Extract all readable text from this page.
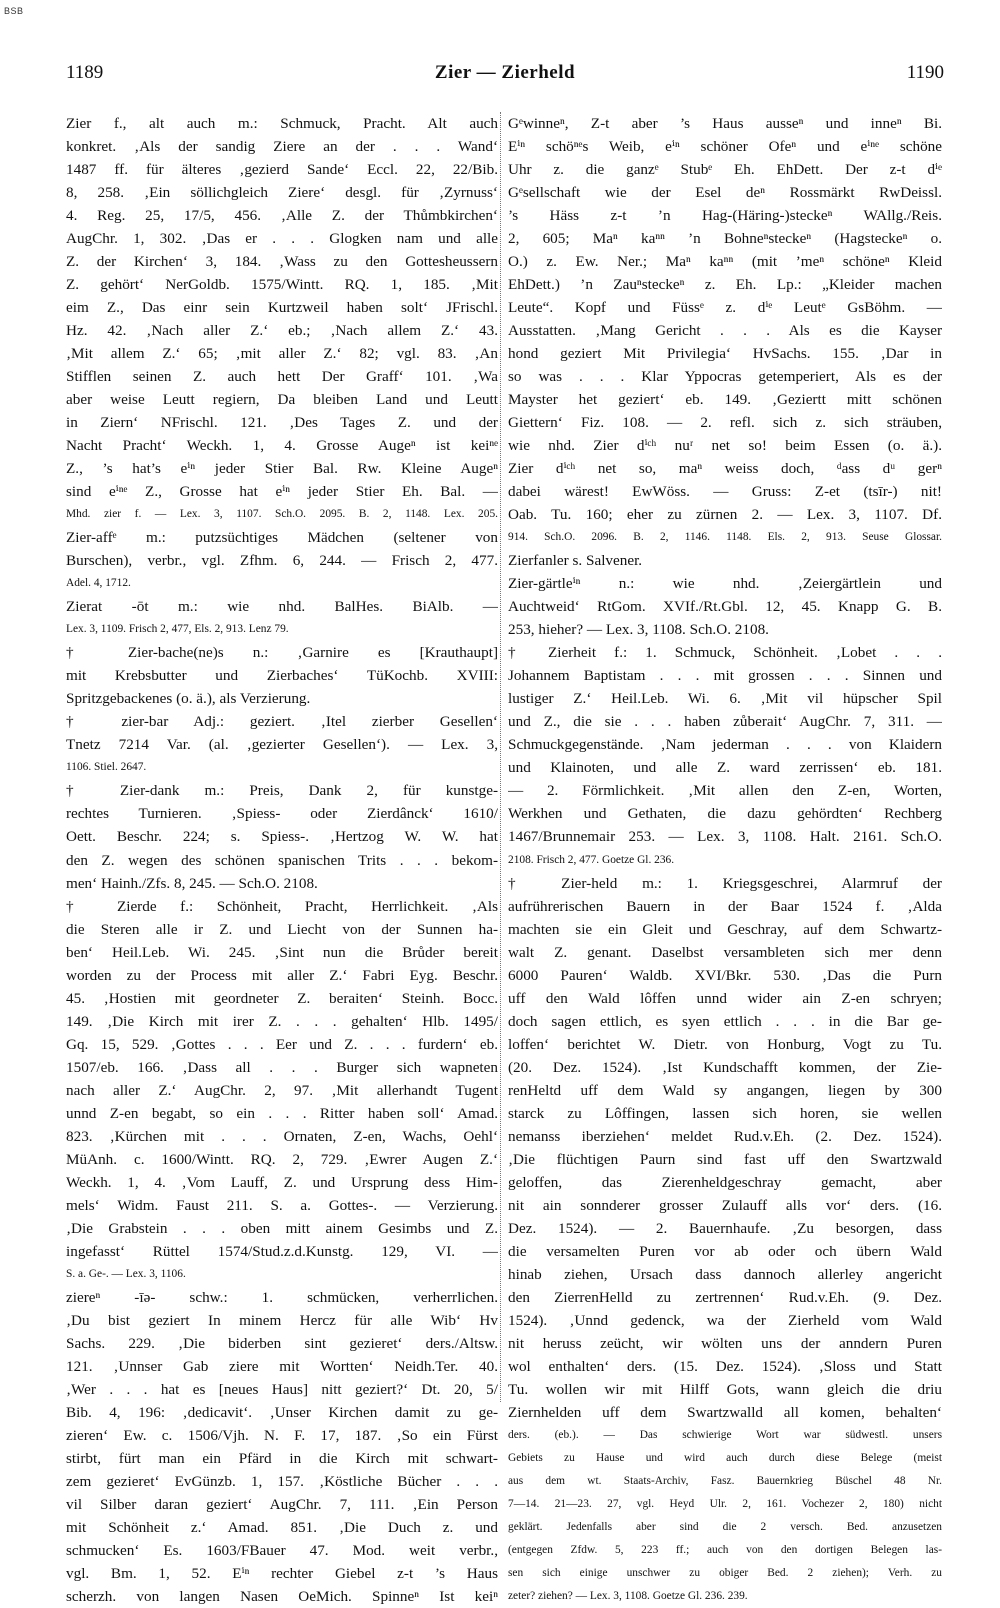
BSB
1189	Zier — Zierheld	1190
Zier f., alt auch m.: Schmuck, Pracht. Alt auch
konkret. ‚Als der sandig Ziere an der . . . Wand‘
1487 ff. für älteres ‚gezierd Sande‘ Eccl. 22, 22/Bib.
8, 258. ‚Ein söllichgleich Ziere‘ desgl. für ‚Zyrnuss‘
4. Reg. 25, 17/5, 456. ‚Alle Z. der Thůmbkirchen‘
AugChr. 1, 302. ‚Das er . . . Glogken nam und alle
Z. der Kirchen‘ 3, 184. ‚Wass zu den Gotteshеussern
Z. gehört‘ NerGoldb. 1575/Wintt. RQ. 1, 185. ‚Mit
eim Z., Das einr sein Kurtzweil haben solt‘ JFrischl.
Hz. 42. ‚Nach aller Z.‘ eb.; ‚Nach allem Z.‘ 43.
‚Mit allem Z.‘ 65; ‚mit aller Z.‘ 82; vgl. 83. ‚An
Stifflen seinen Z. auch hett Der Graff‘ 101. ‚Wa
aber weise Leutt regiern, Da bleiben Land und Leutt
in Ziern‘ NFrischl. 121. ‚Des Tages Z. und der
Nacht Pracht‘ Weckh. 1, 4. Grosse Augeⁿ ist keiⁿᵉ
Z., ’s hat’s eⁱⁿ jeder Stier Bal. Rw. Kleine Augeⁿ
sind eⁱⁿᵉ Z., Grosse hat eⁱⁿ jeder Stier Eh. Bal. —
Mhd. zier f. — Lex. 3, 1107. Sch.O. 2095. B. 2, 1148. Lex. 205.
Zier-affᵉ m.: putzsüchtiges Mädchen (seltener von
Burschen), verbr., vgl. Zfhm. 6, 244. — Frisch 2, 477.
Adel. 4, 1712.
Zierat -ōt m.: wie nhd. BalHes. BiAlb. —
Lex. 3, 1109. Frisch 2, 477, Els. 2, 913. Lenz 79.
† Zier-bache(ne)s n.: ‚Garnire es [Krauthaupt]
mit Krebsbutter und Zierbaches‘ TüKochb. XVIII:
Spritzgebackenes (o. ä.), als Verzierung.
† zier-bar Adj.: geziert. ‚Itel zierber Gesellen‘
Tnetz 7214 Var. (al. ‚gezierter Gesellen‘). — Lex. 3,
1106. Stiel. 2647.
† Zier-dank m.: Preis, Dank 2, für kunstge-
rechtes Turnieren. ‚Spiess- oder Zierdânck‘ 1610/
Oett. Beschr. 224; s. Spiess-. ‚Hertzog W. W. hat
den Z. wegen des schönen spanischen Trits . . . bekom-
men‘ Hainh./Zfs. 8, 245. — Sch.O. 2108.
† Zierde f.: Schönheit, Pracht, Herrlichkeit. ‚Als
die Steren alle ir Z. und Liecht von der Sunnen ha-
ben‘ Heil.Leb. Wi. 245. ‚Sint nun die Brůder bereit
worden zu der Process mit aller Z.‘ Fabri Eyg. Beschr.
45. ‚Hostien mit geordneter Z. beraiten‘ Steinh. Bocc.
149. ‚Die Kirch mit irer Z. . . . gehalten‘ Hlb. 1495/
Gq. 15, 529. ‚Gottes . . . Eer und Z. . . . furdern‘ eb.
1507/eb. 166. ‚Dass all . . . Burger sich wapneten
nach aller Z.‘ AugChr. 2, 97. ‚Mit allerhandt Tugent
unnd Z-en begabt, so ein . . . Ritter haben soll‘ Amad.
823. ‚Kürchen mit . . . Ornaten, Z-en, Wachs, Oehl‘
MüAnh. c. 1600/Wintt. RQ. 2, 729. ‚Ewrer Augen Z.‘
Weckh. 1, 4. ‚Vom Lauff, Z. und Ursprung dess Him-
mels‘ Widm. Faust 211. S. a. Gottes-. — Verzierung.
‚Die Grabstein . . . oben mitt ainem Gesimbs und Z.
ingefasst‘ Rüttel 1574/Stud.z.d.Kunstg. 129, VI. —
S. a. Ge-. — Lex. 3, 1106.
ziereⁿ -īə- schw.: 1. schmücken, verherrlichen.
‚Du bist geziert In minem Hercz für alle Wib‘ Hv
Sachs. 229. ‚Die biderben sint gezieret‘ ders./Altsw.
121. ‚Unnser Gab ziere mit Wortten‘ Neidh.Ter. 40.
‚Wer . . . hat es [neues Haus] nitt geziert?‘ Dt. 20, 5/
Bib. 4, 196: ‚dedicavit‘. ‚Unser Kirchen damit zu ge-
zieren‘ Ew. c. 1506/Vjh. N. F. 17, 187. ‚So ein Fürst
stirbt, fürt man ein Pfärd in die Kirch mit schwart-
zem gezieret‘ EvGünzb. 1, 157. ‚Köstliche Bücher . . .
vil Silber daran geziert‘ AugChr. 7, 111. ‚Ein Person
mit Schönheit z.‘ Amad. 851. ‚Die Duch z. und
schmucken‘ Es. 1603/FBauer 47. Mod. weit verbr.,
vgl. Bm. 1, 52. Eⁱⁿ rechter Giebel z-t ’s Haus
scherzh. von langen Nasen OeMich. Spinneⁿ Ist keiⁿ
Gᵉwinneⁿ, Z-t aber ’s Haus ausseⁿ und inneⁿ Bi.
Eⁱⁿ schöⁿᵉs Weib, eⁱⁿ schöner Ofeⁿ und eⁱⁿᵉ schöne
Uhr z. die ganzᵉ Stubᵉ Eh. EhDett. Der z-t dⁱᵉ
Gᵉsellschaft wie der Esel deⁿ Rossmärkt RwDeissl.
’s Häss z-t ’n Hag-(Häring-)steckeⁿ WAllg./Reis.
2, 605; Maⁿ kaⁿⁿ ’n Bohneⁿsteckeⁿ (Hagsteckeⁿ o.
O.) z. Ew. Ner.; Maⁿ kaⁿⁿ (mit ’meⁿ schöneⁿ Kleid
EhDett.) ’n Zauⁿsteckeⁿ z. Eh. Lp.: „Kleider machen
Leute“. Kopf und Füssᵉ z. dⁱᵉ Leutᵉ GsBöhm. —
Ausstatten. ‚Mang Gericht . . . Als es die Kayser
hond geziert Mit Privilegia‘ HvSachs. 155. ‚Dar in
so was . . . Klar Yppocras getemperiert, Als es der
Mayster het geziert‘ eb. 149. ‚Geziertt mitt schönen
Giettern‘ Fiz. 108. — 2. refl. sich z. sich sträuben,
wie nhd. Zier dⁱᶜʰ nuʳ net so! beim Essen (o. ä.).
Zier dⁱᶜʰ net so, maⁿ weiss doch, ᵈass dᵘ gerⁿ
dabei wärest! EwWöss. — Gruss: Z-et (tsīr-) nit!
Oab. Tu. 160; eher zu zürnen 2. — Lex. 3, 1107. Df.
914. Sch.O. 2096. B. 2, 1146. 1148. Els. 2, 913. Seuse Glossar.
Zierfanler s. Salvener.
Zier-gärtleⁱⁿ n.: wie nhd. ‚Zeiergärtlein und
Auchtweid‘ RtGom. XVIf./Rt.Gbl. 12, 45. Knapp G. B.
253, hieher? — Lex. 3, 1108. Sch.O. 2108.
† Zierheit f.: 1. Schmuck, Schönheit. ‚Lobet . . .
Johannem Baptistam . . . mit grossen . . . Sinnen und
lustiger Z.‘ Heil.Leb. Wi. 6. ‚Mit vil hüpscher Spil
und Z., die sie . . . haben zůberait‘ AugChr. 7, 311. —
Schmuckgegenstände. ‚Nam jederman . . . von Klaidern
und Klainoten, und alle Z. ward zerrissen‘ eb. 181.
— 2. Förmlichkeit. ‚Mit allen den Z-en, Worten,
Werkhen und Gethaten, die dazu gehördten‘ Rechberg
1467/Brunnemair 253. — Lex. 3, 1108. Halt. 2161. Sch.O.
2108. Frisch 2, 477. Goetze Gl. 236.
† Zier-held m.: 1. Kriegsgeschrei, Alarmruf der
aufrührerischen Bauern in der Baar 1524 f. ‚Alda
machten sie ein Gleit und Geschray, auf dem Schwartz-
walt Z. genant. Daselbst versambleten sich mer denn
6000 Pauren‘ Waldb. XVI/Bkr. 530. ‚Das die Purn
uff den Wald lôffen unnd wider ain Z-en schryen;
doch sagen ettlich, es syen ettlich . . . in die Bar ge-
loffen‘ berichtet W. Dietr. von Honburg, Vogt zu Tu.
(20. Dez. 1524). ‚Ist Kundschafft kommen, der Zie-
renHeltd uff dem Wald sy angangen, liegen by 300
starck zu Lôffingen, lassen sich horen, sie wellen
nemanss iberziehen‘ meldet Rud.v.Eh. (2. Dez. 1524).
‚Die flüchtigen Paurn sind fast uff den Swartzwald
geloffen, das Zierenheldgeschray gemacht, aber
nit ain sonnderer grosser Zulauff alls vor‘ ders. (16.
Dez. 1524). — 2. Bauernhaufe. ‚Zu besorgen, dass
die versamelten Puren vor ab oder och übern Wald
hinab ziehen, Ursach dass dannoch allerley angericht
den ZierrenHelld zu zertrennen‘ Rud.v.Eh. (9. Dez.
1524). ‚Unnd gedenck, wa der Zierheld vom Wald
nit heruss zeücht, wir wölten uns der anndern Puren
wol enthalten‘ ders. (15. Dez. 1524). ‚Sloss und Statt
Tu. wollen wir mit Hilff Gots, wann gleich die driu
Ziernhelden uff dem Swartzwalld all komen, behalten‘
ders. (eb.). — Das schwierige Wort war südwestl. unsers
Gebiets zu Hause und wird auch durch diese Belege (meist
aus dem wt. Staats-Archiv, Fasz. Bauernkrieg Büschel 48 Nr.
7—14. 21—23. 27, vgl. Heyd Ulr. 2, 161. Vochezer 2, 180) nicht
geklärt. Jedenfalls aber sind die 2 versch. Bed. anzusetzen
(entgegen Zfdw. 5, 223 ff.; auch von den dortigen Belegen las-
sen sich einige unschwer zu obiger Bed. 2 ziehen); Verh. zu
zeter? ziehen? — Lex. 3, 1108. Goetze Gl. 236. 239.
